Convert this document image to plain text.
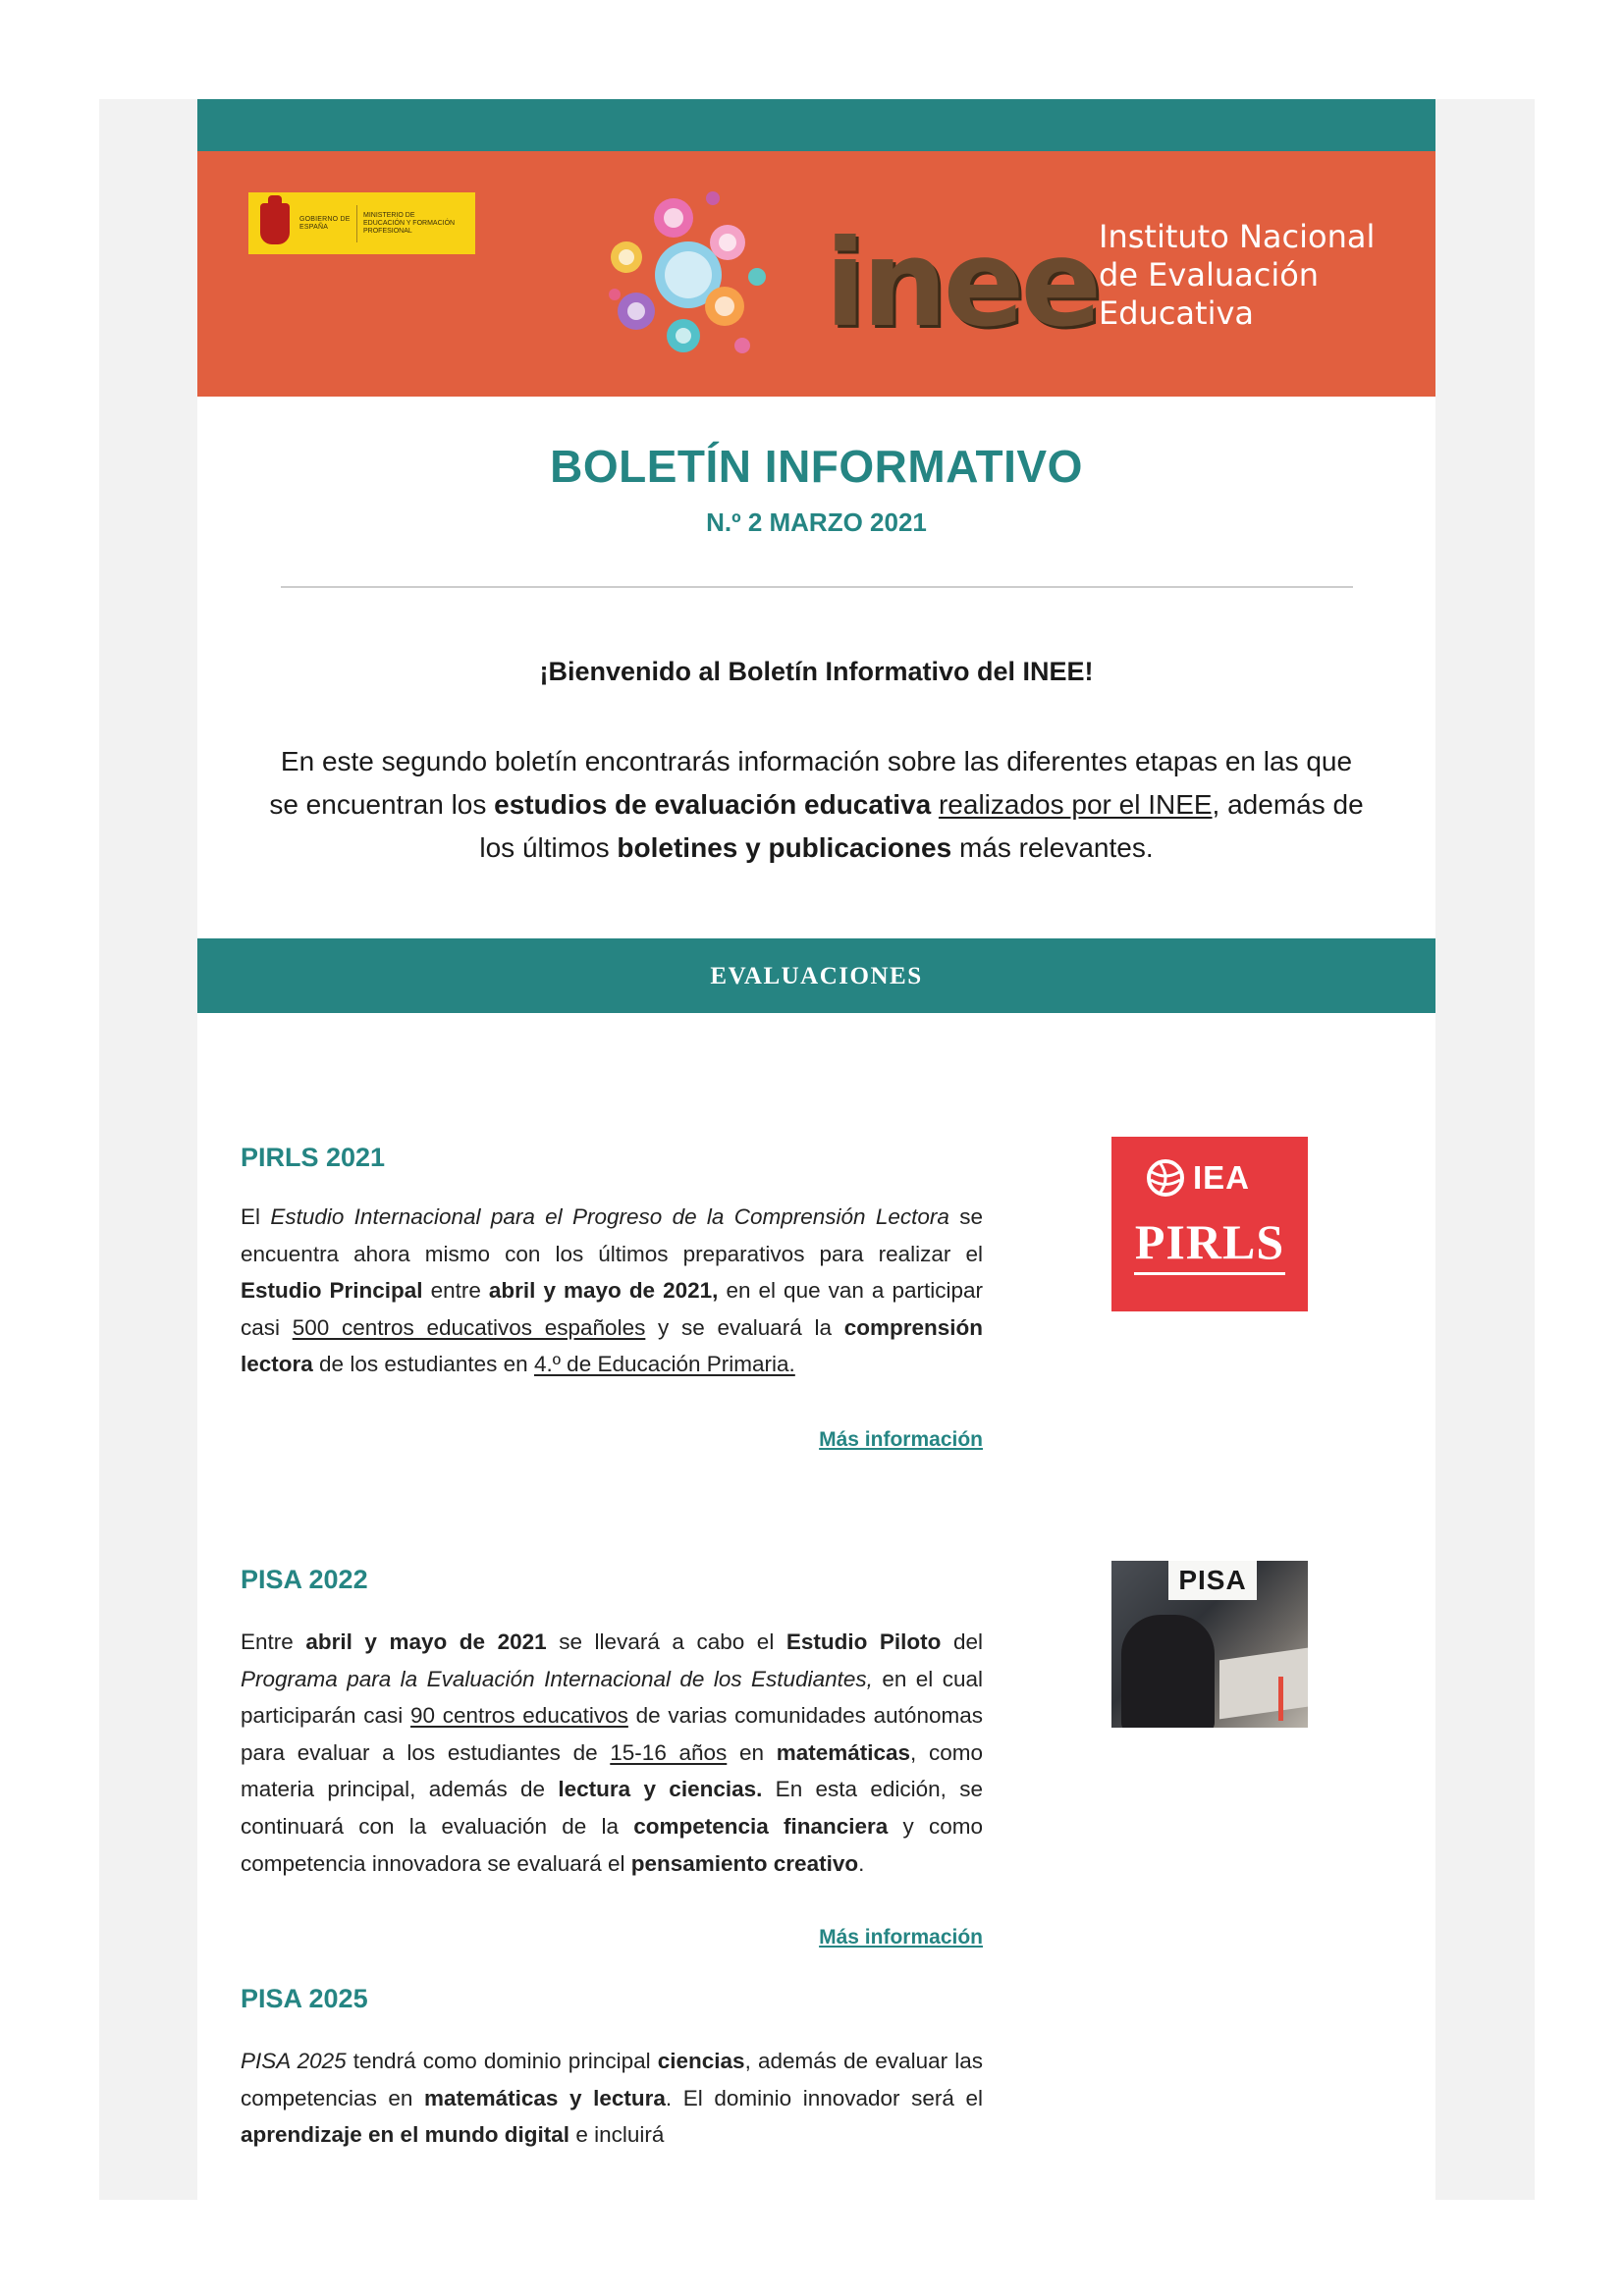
GOBIERNO DE ESPAÑA
MINISTERIO DE EDUCACIÓN Y FORMACIÓN PROFESIONAL	inee Instituto Nacional
de Evaluación
Educativa
BOLETÍN INFORMATIVO
N.º 2 MARZO 2021
¡Bienvenido al Boletín Informativo del INEE!
En este segundo boletín encontrarás información sobre las diferentes etapas en las que
se encuentran los estudios de evaluación educativa realizados por el INEE, además de
los últimos boletines y publicaciones más relevantes.
EVALUACIONES
PIRLS 2021
El Estudio Internacional para el Progreso de la Comprensión Lectora se encuentra ahora mismo con los últimos preparativos para realizar el Estudio Principal entre abril y mayo de 2021, en el que van a participar casi 500 centros educativos españoles y se evaluará la comprensión lectora de los estudiantes en 4.º de Educación Primaria.
Más información
IEA
PIRLS
PISA 2022
Entre abril y mayo de 2021 se llevará a cabo el Estudio Piloto del Programa para la Evaluación Internacional de los Estudiantes, en el cual participarán casi 90 centros educativos de varias comunidades autónomas para evaluar a los estudiantes de 15-16 años en matemáticas, como materia principal, además de lectura y ciencias. En esta edición, se continuará con la evaluación de la competencia financiera y como competencia innovadora se evaluará el pensamiento creativo.
Más información
PISA
PISA 2025
PISA 2025 tendrá como dominio principal ciencias, además de evaluar las competencias en matemáticas y lectura. El dominio innovador será el aprendizaje en el mundo digital e incluirá
